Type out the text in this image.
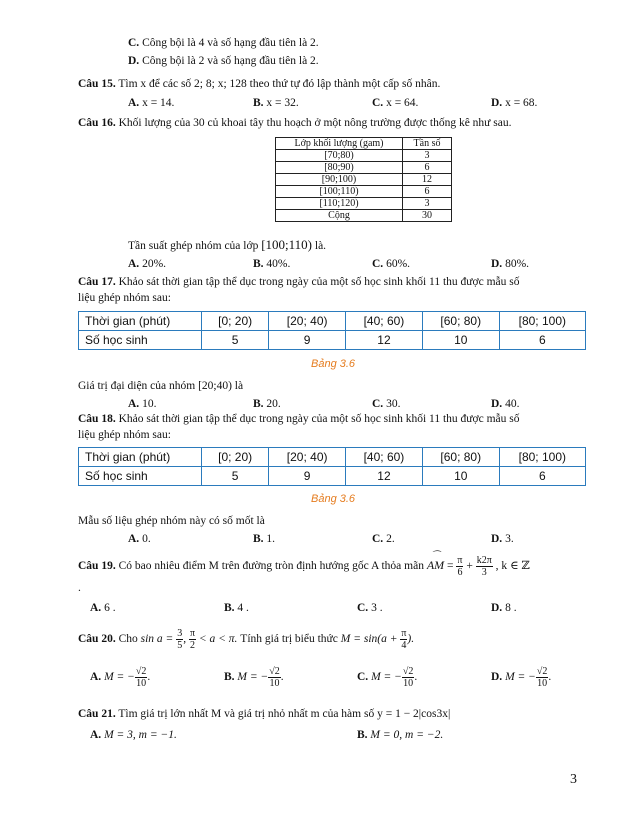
C. Công bội là 4 và số hạng đầu tiên là 2.
D. Công bội là 2 và số hạng đầu tiên là 2.
Câu 15. Tìm x để các số 2; 8; x; 128 theo thứ tự đó lập thành một cấp số nhân.
A. x = 14.	B. x = 32.	C. x = 64.	D. x = 68.
Câu 16. Khối lượng của 30 củ khoai tây thu hoạch ở một nông trường được thống kê như sau.
Lớp khối lượng (gam)	Tần số
[70;80)	3
[80;90)	6
[90;100)	12
[100;110)	6
[110;120)	3
Cộng	30
Tần suất ghép nhóm của lớp [100;110) là.
A. 20%.	B. 40%.	C. 60%.	D. 80%.
Câu 17. Khảo sát thời gian tập thể dục trong ngày của một số học sinh khối 11 thu được mẫu số
liệu ghép nhóm sau:
Thời gian (phút)	[0; 20)	[20; 40)	[40; 60)	[60; 80)	[80; 100)
Số học sinh	5	9	12	10	6
Bảng 3.6
Giá trị đại diện của nhóm [20;40) là
A. 10.	B. 20.	C. 30.	D. 40.
Câu 18. Khảo sát thời gian tập thể dục trong ngày của một số học sinh khối 11 thu được mẫu số
liệu ghép nhóm sau:
Thời gian (phút)	[0; 20)	[20; 40)	[40; 60)	[60; 80)	[80; 100)
Số học sinh	5	9	12	10	6
Bảng 3.6
Mẫu số liệu ghép nhóm này có số mốt là
A. 0.	B. 1.	C. 2.	D. 3.
Câu 19. Có bao nhiêu điểm M trên đường tròn định hướng gốc A thỏa mãn
⌒
AM = $\frac{\pi}{6} + \frac{k2\pi}{3}$ , k ∈ ℤ
.
A. 6 .	B. 4 .	C. 3 .	D. 8 .
Câu 20. Cho $\sin a = \frac{3}{5}$ , $\frac{\pi}{2} < a < \pi$. Tính giá trị biểu thức $M = \sin(a + \frac{\pi}{4}$ ).
A. M = − $\frac{√2}{10}$ .	B. M = − $\frac{√2}{10}$ .	C. M = − $\frac{√2}{10}$ .	D. M = − $\frac{√2}{10}$ .
Câu 21. Tìm giá trị lớn nhất M và giá trị nhỏ nhất m của hàm số y = 1 − 2|cos3x|
A. M = 3, m = −1.	B. M = 0, m = −2.
3
